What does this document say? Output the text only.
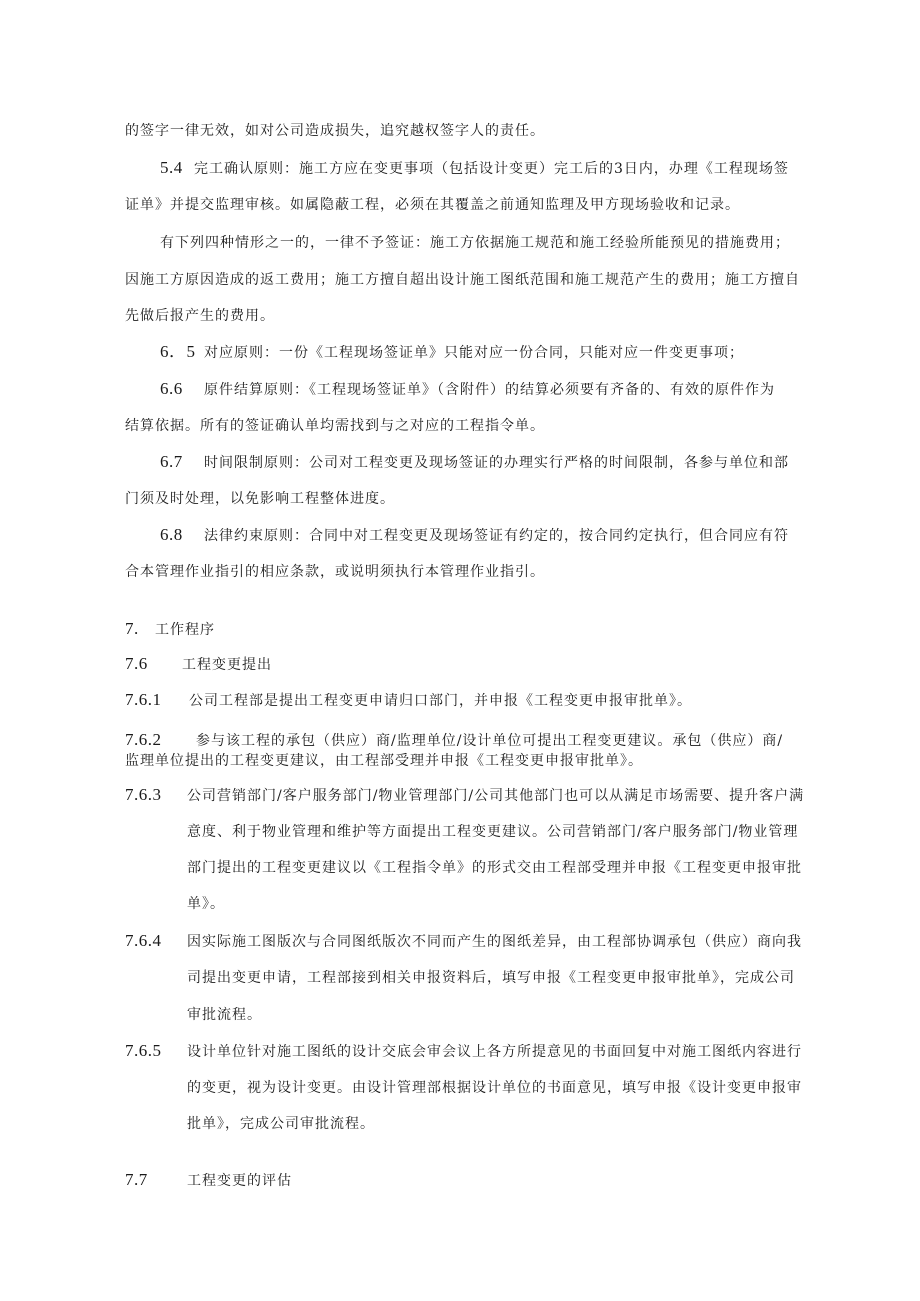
的签字一律无效，如对公司造成损失，追究越权签字人的责任。
5.4 完工确认原则：施工方应在变更事项（包括设计变更）完工后的3日内，办理《工程现场签
证单》并提交监理审核。如属隐蔽工程，必须在其覆盖之前通知监理及甲方现场验收和记录。
有下列四种情形之一的，一律不予签证：施工方依据施工规范和施工经验所能预见的措施费用；
因施工方原因造成的返工费用；施工方擅自超出设计施工图纸范围和施工规范产生的费用；施工方擅自
先做后报产生的费用。
6．5 对应原则：一份《工程现场签证单》只能对应一份合同，只能对应一件变更事项；
6.6 原件结算原则：《工程现场签证单》（含附件）的结算必须要有齐备的、有效的原件作为
结算依据。所有的签证确认单均需找到与之对应的工程指令单。
6.7 时间限制原则：公司对工程变更及现场签证的办理实行严格的时间限制，各参与单位和部
门须及时处理，以免影响工程整体进度。
6.8 法律约束原则：合同中对工程变更及现场签证有约定的，按合同约定执行，但合同应有符
合本管理作业指引的相应条款，或说明须执行本管理作业指引。
7. 工作程序
7.6 工程变更提出
7.6.1 公司工程部是提出工程变更申请归口部门，并申报《工程变更申报审批单》。
7.6.2 参与该工程的承包（供应）商/监理单位/设计单位可提出工程变更建议。承包（供应）商/
监理单位提出的工程变更建议，由工程部受理并申报《工程变更申报审批单》。
7.6.3 公司营销部门/客户服务部门/物业管理部门/公司其他部门也可以从满足市场需要、提升客户满
意度、利于物业管理和维护等方面提出工程变更建议。公司营销部门/客户服务部门/物业管理
部门提出的工程变更建议以《工程指令单》的形式交由工程部受理并申报《工程变更申报审批
单》。
7.6.4 因实际施工图版次与合同图纸版次不同而产生的图纸差异，由工程部协调承包（供应）商向我
司提出变更申请，工程部接到相关申报资料后，填写申报《工程变更申报审批单》，完成公司
审批流程。
7.6.5 设计单位针对施工图纸的设计交底会审会议上各方所提意见的书面回复中对施工图纸内容进行
的变更，视为设计变更。由设计管理部根据设计单位的书面意见，填写申报《设计变更申报审
批单》，完成公司审批流程。
7.7	工程变更的评估
